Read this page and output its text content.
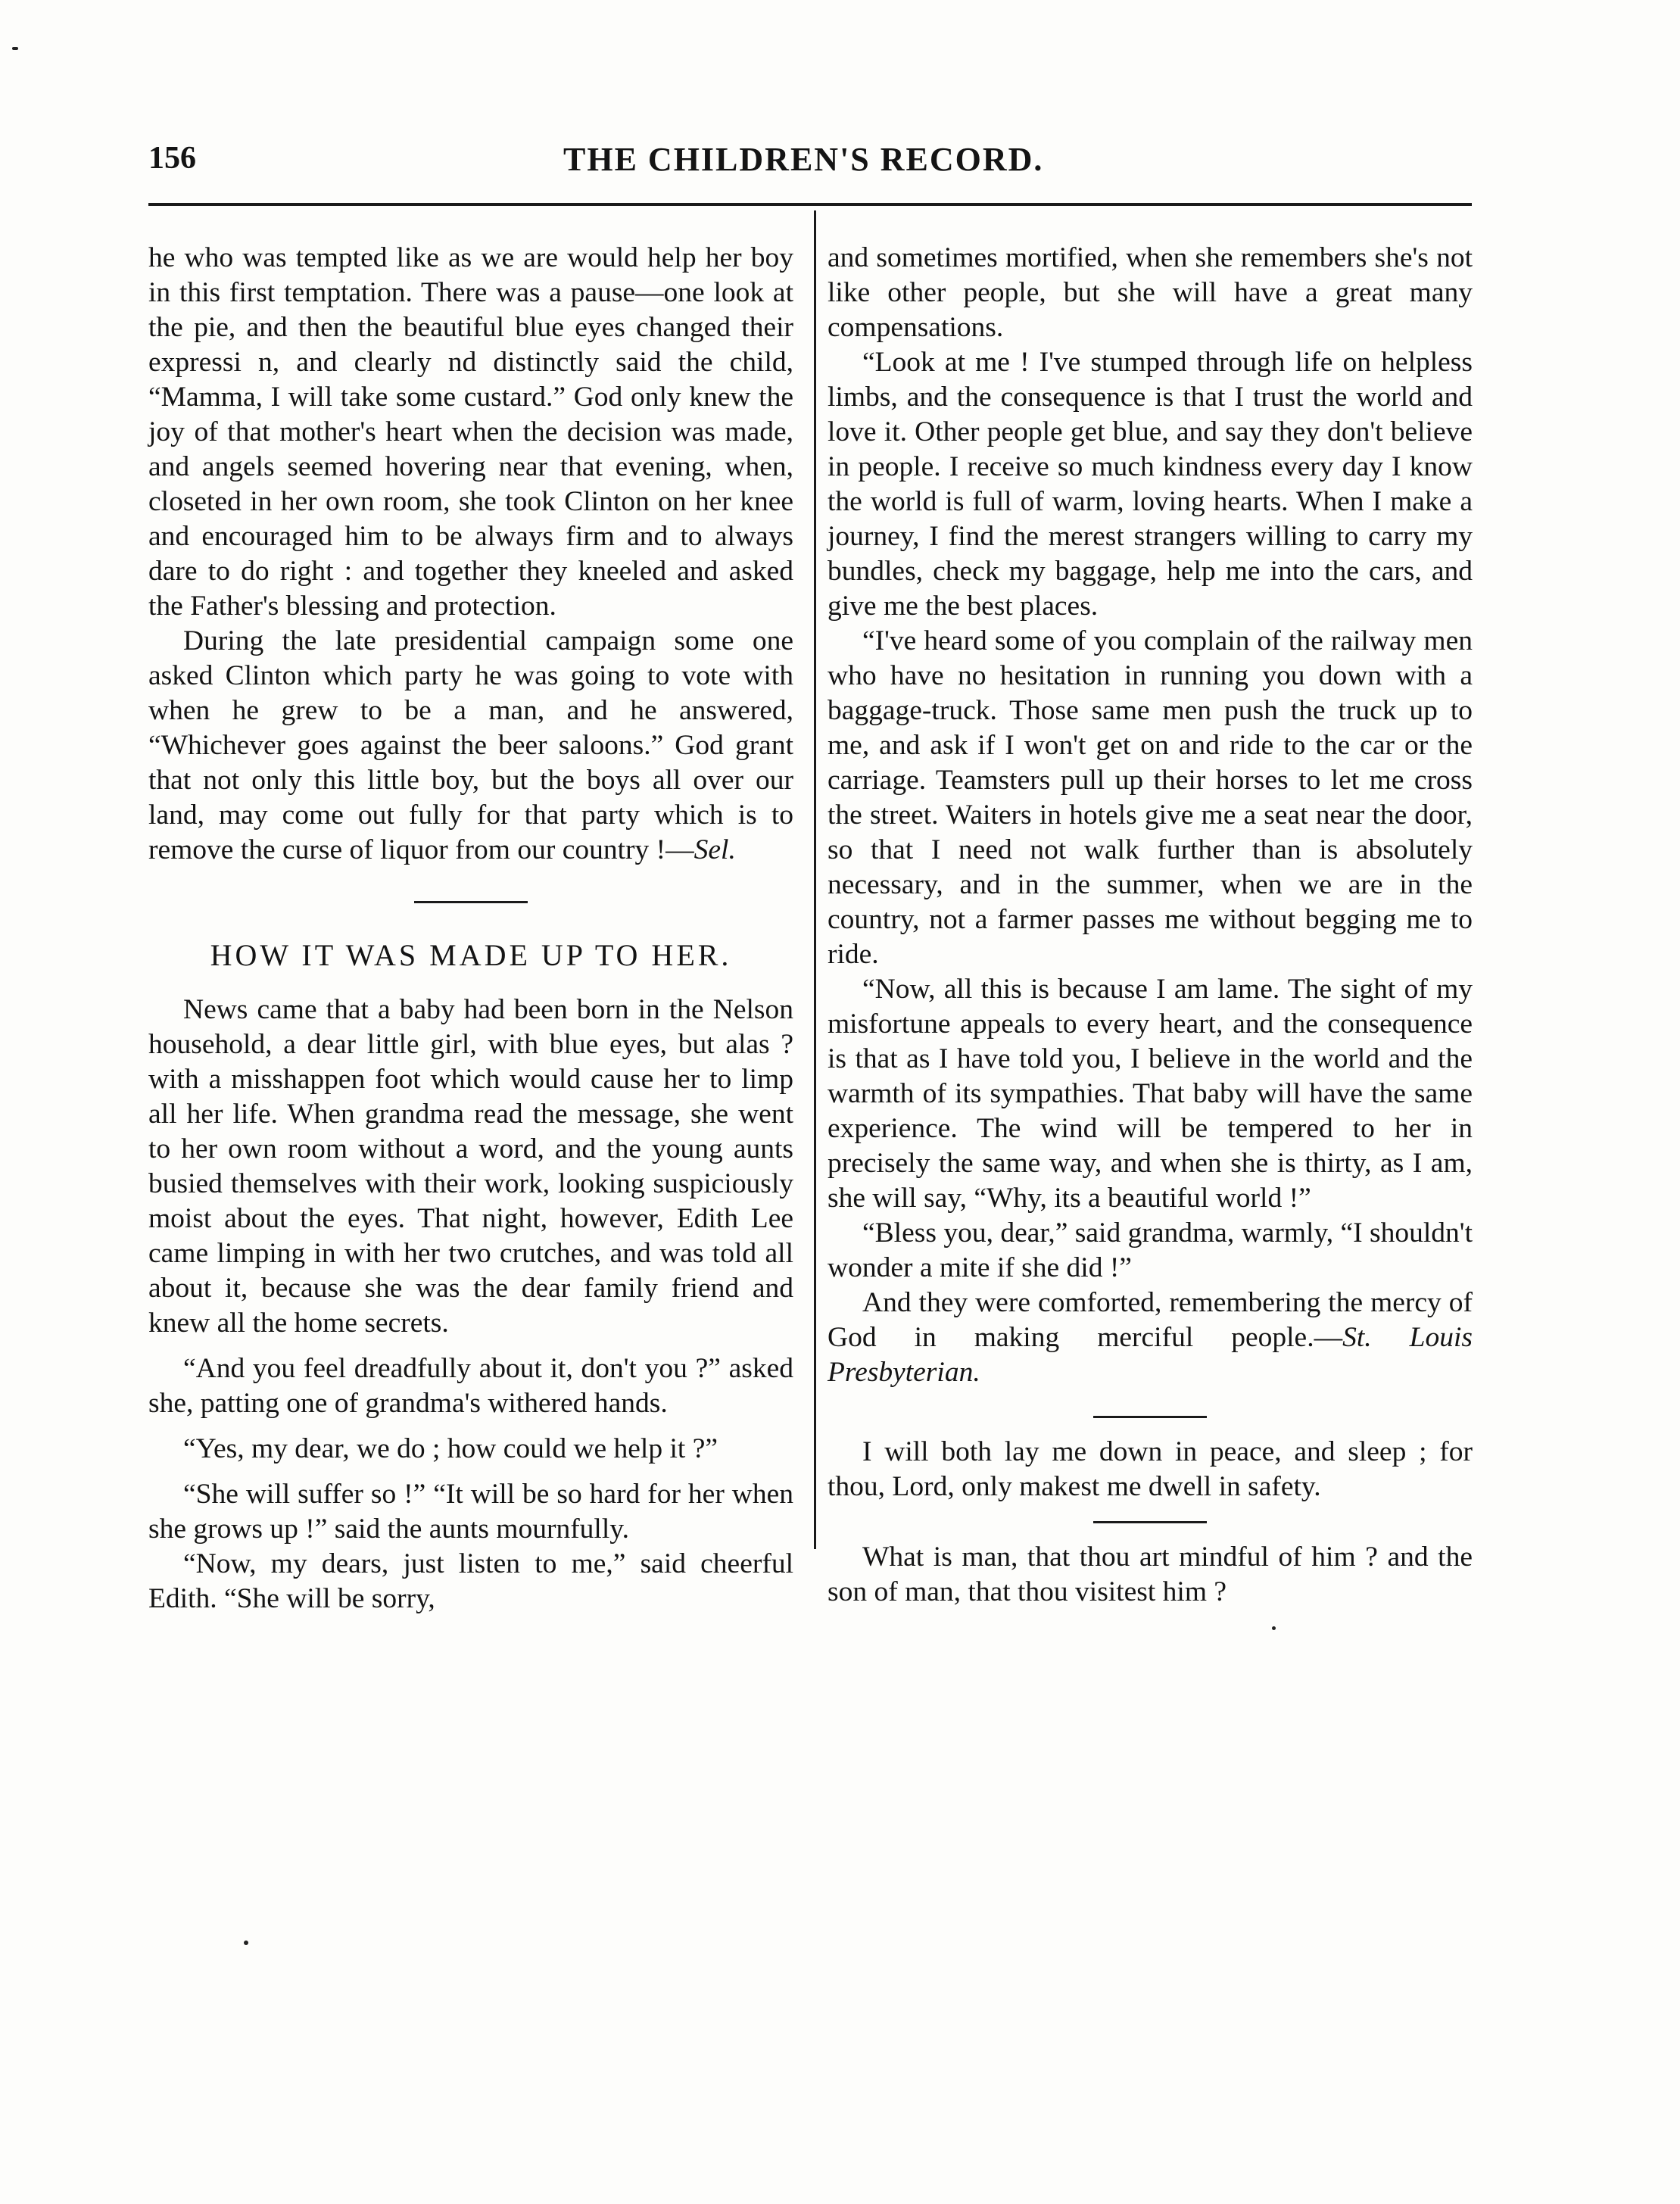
156	THE CHILDREN'S RECORD.

he who was tempted like as we are would help her boy in this first temptation. There was a pause—one look at the pie, and then the beautiful blue eyes changed their expressi n, and clearly nd distinctly said the child, “Mamma, I will take some custard.” God only knew the joy of that mother's heart when the decision was made, and angels seemed hovering near that evening, when, closeted in her own room, she took Clinton on her knee and encouraged him to be always firm and to always dare to do right : and together they kneeled and asked the Father's blessing and protection.

During the late presidential campaign some one asked Clinton which party he was going to vote with when he grew to be a man, and he answered, “Whichever goes against the beer saloons.” God grant that not only this little boy, but the boys all over our land, may come out fully for that party which is to remove the curse of liquor from our country !—Sel.

HOW IT WAS MADE UP TO HER.

News came that a baby had been born in the Nelson household, a dear little girl, with blue eyes, but alas ? with a misshappen foot which would cause her to limp all her life. When grandma read the message, she went to her own room without a word, and the young aunts busied themselves with their work, looking suspiciously moist about the eyes. That night, however, Edith Lee came limping in with her two crutches, and was told all about it, because she was the dear family friend and knew all the home secrets.

“And you feel dreadfully about it, don't you ?” asked she, patting one of grandma's withered hands.

“Yes, my dear, we do ; how could we help it ?”

“She will suffer so !” “It will be so hard for her when she grows up !” said the aunts mournfully.

“Now, my dears, just listen to me,” said cheerful Edith. “She will be sorry,

and sometimes mortified, when she remembers she's not like other people, but she will have a great many compensations.

“Look at me ! I've stumped through life on helpless limbs, and the consequence is that I trust the world and love it. Other people get blue, and say they don't believe in people. I receive so much kindness every day I know the world is full of warm, loving hearts. When I make a journey, I find the merest strangers willing to carry my bundles, check my baggage, help me into the cars, and give me the best places.

“I've heard some of you complain of the railway men who have no hesitation in running you down with a baggage-truck. Those same men push the truck up to me, and ask if I won't get on and ride to the car or the carriage. Teamsters pull up their horses to let me cross the street. Waiters in hotels give me a seat near the door, so that I need not walk further than is absolutely necessary, and in the summer, when we are in the country, not a farmer passes me without begging me to ride.

“Now, all this is because I am lame. The sight of my misfortune appeals to every heart, and the consequence is that as I have told you, I believe in the world and the warmth of its sympathies. That baby will have the same experience. The wind will be tempered to her in precisely the same way, and when she is thirty, as I am, she will say, “Why, its a beautiful world !”

“Bless you, dear,” said grandma, warmly, “I shouldn't wonder a mite if she did !”

And they were comforted, remembering the mercy of God in making merciful people.—St. Louis Presbyterian.

I will both lay me down in peace, and sleep ; for thou, Lord, only makest me dwell in safety.

What is man, that thou art mindful of him ? and the son of man, that thou visitest him ?
